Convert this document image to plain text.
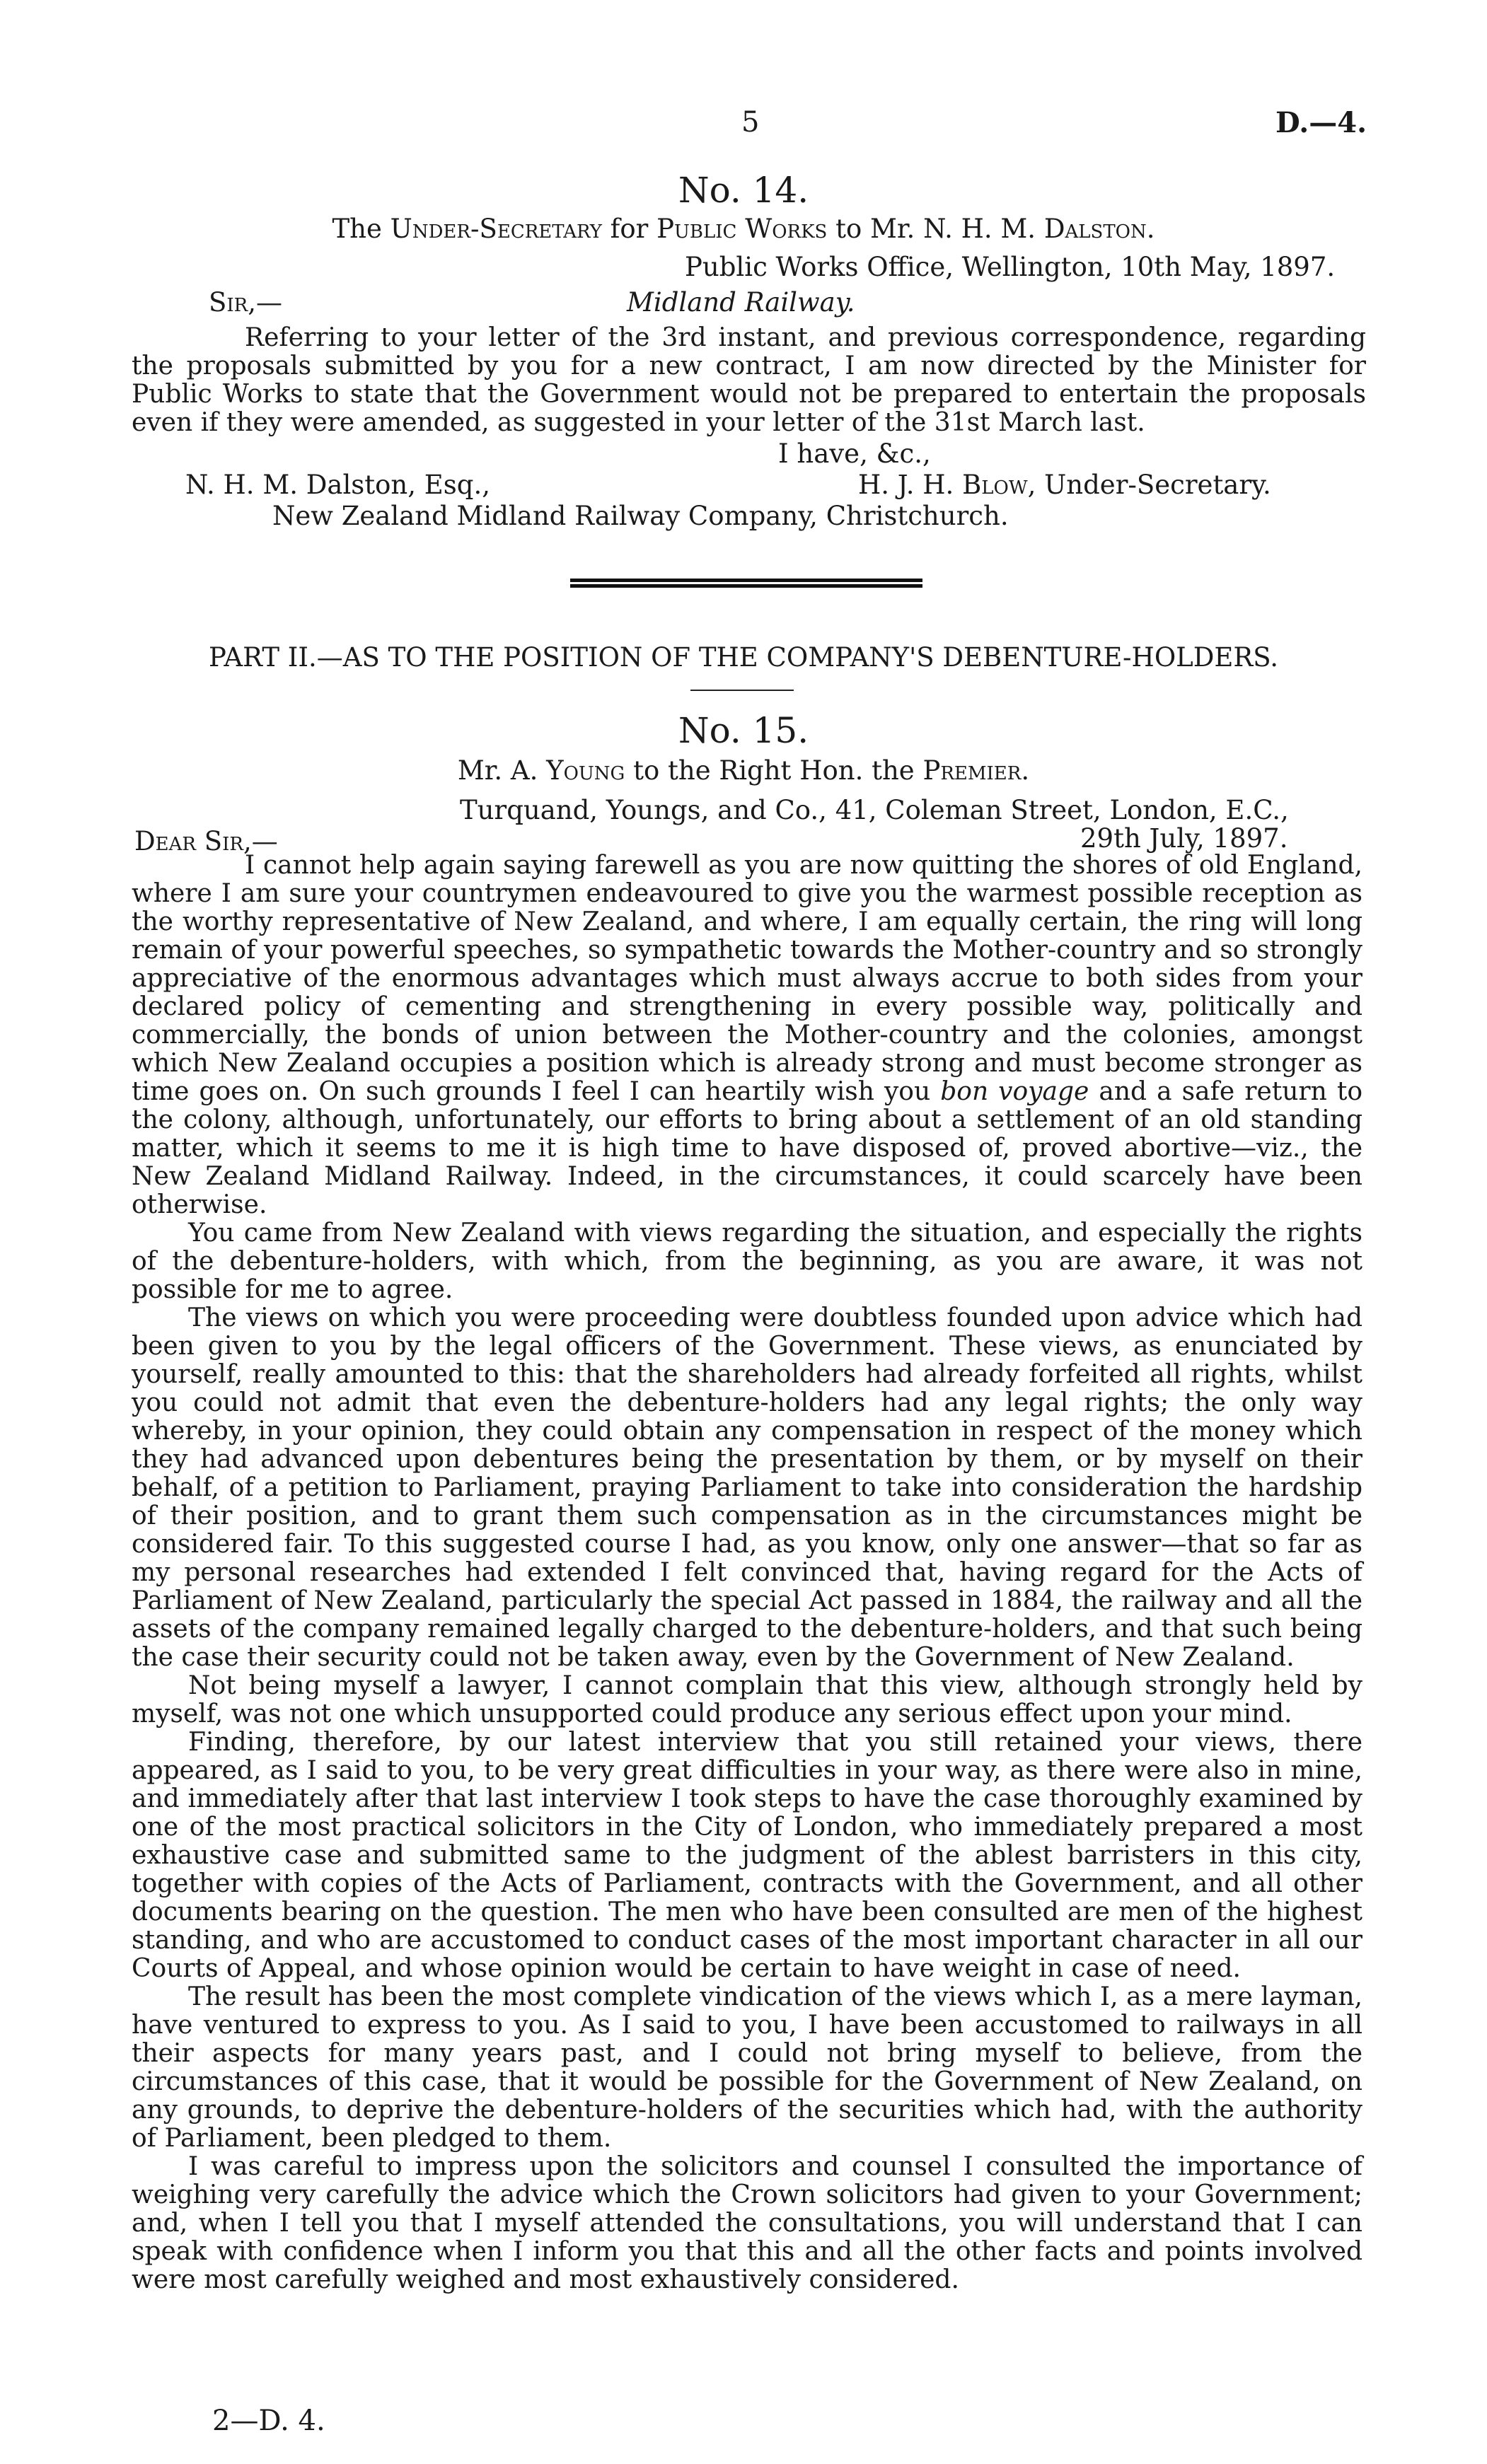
5	D.—4.
No. 14.
The Under-Secretary for Public Works to Mr. N. H. M. Dalston.
Public Works Office, Wellington, 10th May, 1897.
Sir,—	Midland Railway.
Referring to your letter of the 3rd instant, and previous correspondence, regarding the proposals submitted by you for a new contract, I am now directed by the Minister for Public Works to state that the Government would not be prepared to entertain the proposals even if they were amended, as suggested in your letter of the 31st March last.
I have, &c.,
N. H. M. Dalston, Esq.,	H. J. H. Blow, Under-Secretary.
New Zealand Midland Railway Company, Christchurch.
PART II.—AS TO THE POSITION OF THE COMPANY'S DEBENTURE-HOLDERS.
No. 15.
Mr. A. Young to the Right Hon. the Premier.
Turquand, Youngs, and Co., 41, Coleman Street, London, E.C.,
Dear Sir,—	29th July, 1897.

I cannot help again saying farewell as you are now quitting the shores of old England, where I am sure your countrymen endeavoured to give you the warmest possible reception as the worthy representative of New Zealand, and where, I am equally certain, the ring will long remain of your powerful speeches, so sympathetic towards the Mother-country and so strongly appreciative of the enormous advantages which must always accrue to both sides from your declared policy of cementing and strengthening in every possible way, politically and commercially, the bonds of union between the Mother-country and the colonies, amongst which New Zealand occupies a position which is already strong and must become stronger as time goes on. On such grounds I feel I can heartily wish you bon voyage and a safe return to the colony, although, unfortunately, our efforts to bring about a settlement of an old standing matter, which it seems to me it is high time to have disposed of, proved abortive—viz., the New Zealand Midland Railway. Indeed, in the circumstances, it could scarcely have been otherwise.

You came from New Zealand with views regarding the situation, and especially the rights of the debenture-holders, with which, from the beginning, as you are aware, it was not possible for me to agree.

The views on which you were proceeding were doubtless founded upon advice which had been given to you by the legal officers of the Government. These views, as enunciated by yourself, really amounted to this: that the shareholders had already forfeited all rights, whilst you could not admit that even the debenture-holders had any legal rights; the only way whereby, in your opinion, they could obtain any compensation in respect of the money which they had advanced upon debentures being the presentation by them, or by myself on their behalf, of a petition to Parliament, praying Parliament to take into consideration the hardship of their position, and to grant them such compensation as in the circumstances might be considered fair. To this suggested course I had, as you know, only one answer—that so far as my personal researches had extended I felt convinced that, having regard for the Acts of Parliament of New Zealand, particularly the special Act passed in 1884, the railway and all the assets of the company remained legally charged to the debenture-holders, and that such being the case their security could not be taken away, even by the Government of New Zealand.

Not being myself a lawyer, I cannot complain that this view, although strongly held by myself, was not one which unsupported could produce any serious effect upon your mind.

Finding, therefore, by our latest interview that you still retained your views, there appeared, as I said to you, to be very great difficulties in your way, as there were also in mine, and immediately after that last interview I took steps to have the case thoroughly examined by one of the most practical solicitors in the City of London, who immediately prepared a most exhaustive case and submitted same to the judgment of the ablest barristers in this city, together with copies of the Acts of Parliament, contracts with the Government, and all other documents bearing on the question. The men who have been consulted are men of the highest standing, and who are accustomed to conduct cases of the most important character in all our Courts of Appeal, and whose opinion would be certain to have weight in case of need.

The result has been the most complete vindication of the views which I, as a mere layman, have ventured to express to you. As I said to you, I have been accustomed to railways in all their aspects for many years past, and I could not bring myself to believe, from the circumstances of this case, that it would be possible for the Government of New Zealand, on any grounds, to deprive the debenture-holders of the securities which had, with the authority of Parliament, been pledged to them.

I was careful to impress upon the solicitors and counsel I consulted the importance of weighing very carefully the advice which the Crown solicitors had given to your Government; and, when I tell you that I myself attended the consultations, you will understand that I can speak with confidence when I inform you that this and all the other facts and points involved were most carefully weighed and most exhaustively considered.

2—D. 4.
